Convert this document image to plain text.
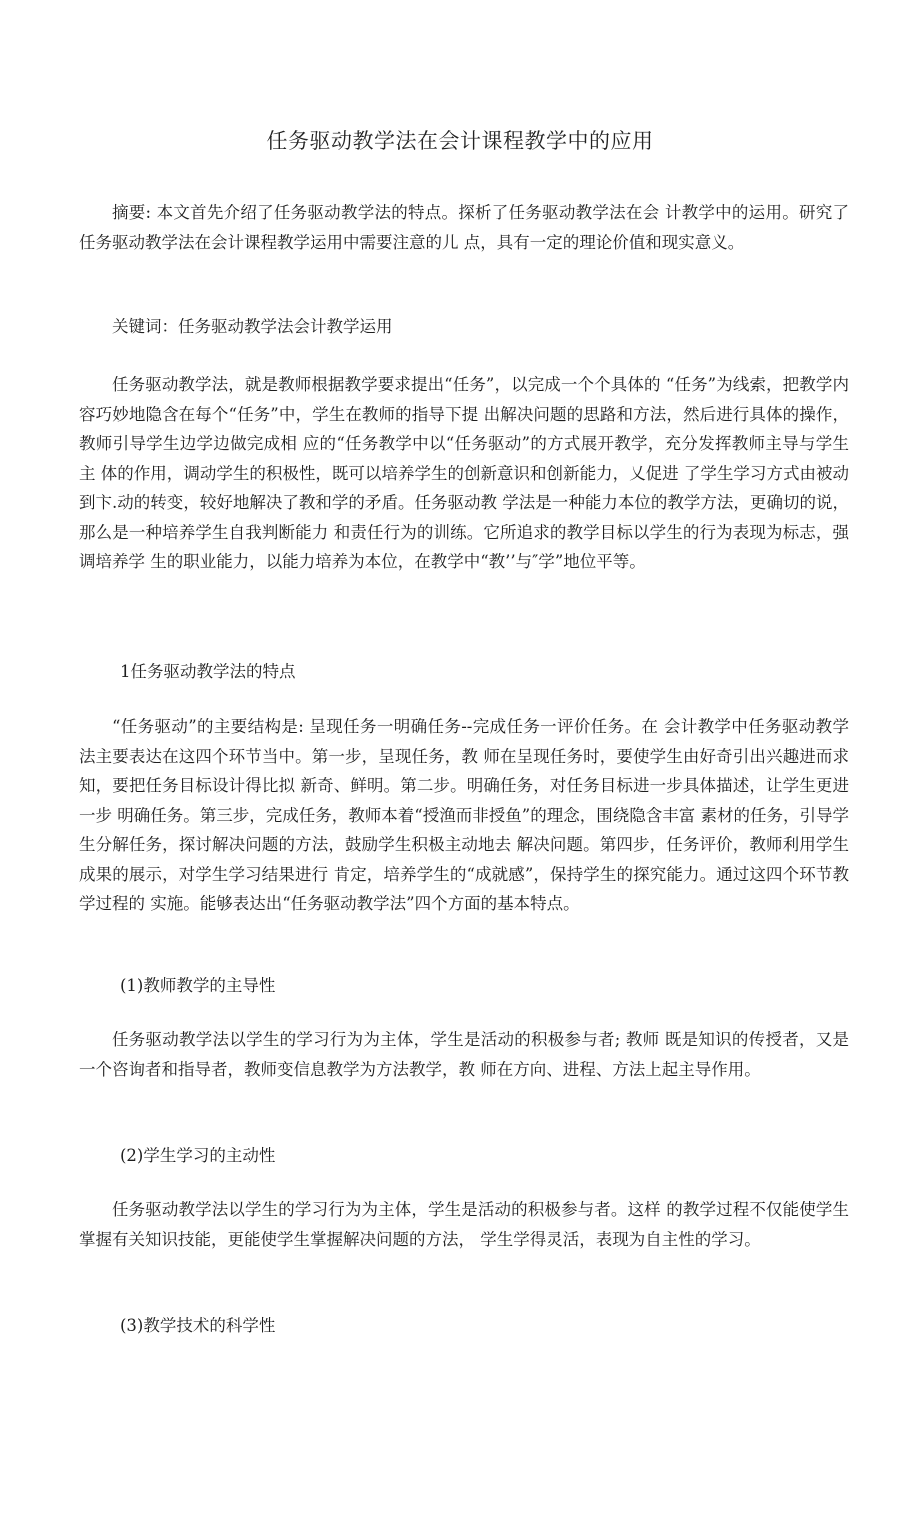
任务驱动教学法在会计课程教学中的应用

摘要: 本文首先介绍了任务驱动教学法的特点。探析了任务驱动教学法在会 计教学中的运用。研究了任务驱动教学法在会计课程教学运用中需要注意的儿 点，具有一定的理论价值和现实意义。

关键词：任务驱动教学法会计教学运用

任务驱动教学法，就是教师根据教学要求提出“任务”，以完成一个个具体的 “任务”为线索，把教学内容巧妙地隐含在每个“任务”中，学生在教师的指导下提 出解决问题的思路和方法，然后进行具体的操作，教师引导学生边学边做完成相 应的“任务教学中以“任务驱动”的方式展开教学，充分发挥教师主导与学生主 体的作用，调动学生的积极性，既可以培养学生的创新意识和创新能力，乂促进 了学生学习方式由被动到卞.动的转变，较好地解决了教和学的矛盾。任务驱动教 学法是一种能力本位的教学方法，更确切的说，那么是一种培养学生自我判断能力 和责任行为的训练。它所追求的教学目标以学生的行为表现为标志，强调培养学 生的职业能力，以能力培养为本位，在教学中“教’’与″学”地位平等。

1任务驱动教学法的特点

“任务驱动”的主要结构是: 呈现任务一明确任务--完成任务一评价任务。在 会计教学中任务驱动教学法主要表达在这四个环节当中。第一步，呈现任务，教 师在呈现任务时，要使学生由好奇引出兴趣进而求知，要把任务目标设计得比拟 新奇、鲜明。第二步。明确任务，对任务目标进一步具体描述，让学生更进一步 明确任务。第三步，完成任务，教师本着“授渔而非授鱼”的理念，围绕隐含丰富 素材的任务，引导学生分解任务，探讨解决问题的方法，鼓励学生积极主动地去 解决问题。第四步，任务评价，教师利用学生成果的展示，对学生学习结果进行 肯定，培养学生的“成就感”，保持学生的探究能力。通过这四个环节教学过程的 实施。能够表达出“任务驱动教学法”四个方面的基本特点。

(1)教师教学的主导性

任务驱动教学法以学生的学习行为为主体，学生是活动的积极参与者; 教师 既是知识的传授者，又是一个咨询者和指导者，教师变信息教学为方法教学，教 师在方向、进程、方法上起主导作用。

(2)学生学习的主动性

任务驱动教学法以学生的学习行为为主体，学生是活动的积极参与者。这样 的教学过程不仅能使学生掌握有关知识技能，更能使学生掌握解决问题的方法， 学生学得灵活，表现为自主性的学习。

(3)教学技术的科学性
